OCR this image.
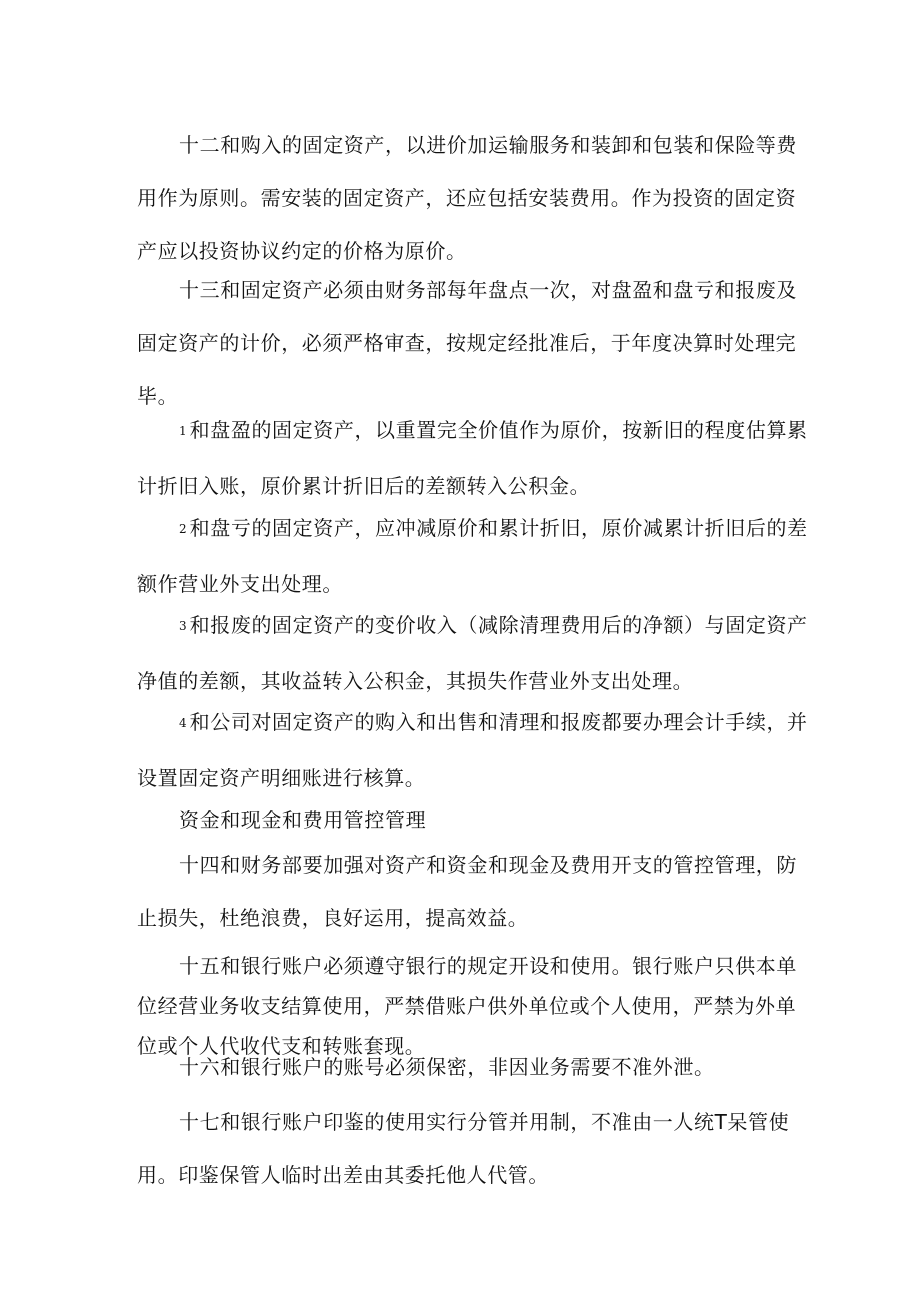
十二和购入的固定资产，以进价加运输服务和装卸和包装和保险等费
用作为原则。需安装的固定资产，还应包括安装费用。作为投资的固定资
产应以投资协议约定的价格为原价。
十三和固定资产必须由财务部每年盘点一次，对盘盈和盘亏和报废及
固定资产的计价，必须严格审查，按规定经批准后，于年度决算时处理完
毕。
1 和盘盈的固定资产，以重置完全价值作为原价，按新旧的程度估算累
计折旧入账，原价累计折旧后的差额转入公积金。
2 和盘亏的固定资产，应冲减原价和累计折旧，原价减累计折旧后的差
额作营业外支出处理。
3 和报废的固定资产的变价收入（减除清理费用后的净额）与固定资产
净值的差额，其收益转入公积金，其损失作营业外支出处理。
4 和公司对固定资产的购入和出售和清理和报废都要办理会计手续，并
设置固定资产明细账进行核算。
资金和现金和费用管控管理
十四和财务部要加强对资产和资金和现金及费用开支的管控管理，防
止损失，杜绝浪费，良好运用，提高效益。
十五和银行账户必须遵守银行的规定开设和使用。银行账户只供本单
位经营业务收支结算使用，严禁借账户供外单位或个人使用，严禁为外单
位或个人代收代支和转账套现。
十六和银行账户的账号必须保密，非因业务需要不准外泄。
十七和银行账户印鉴的使用实行分管并用制，不准由一人统T呆管使
用。印鉴保管人临时出差由其委托他人代管。
